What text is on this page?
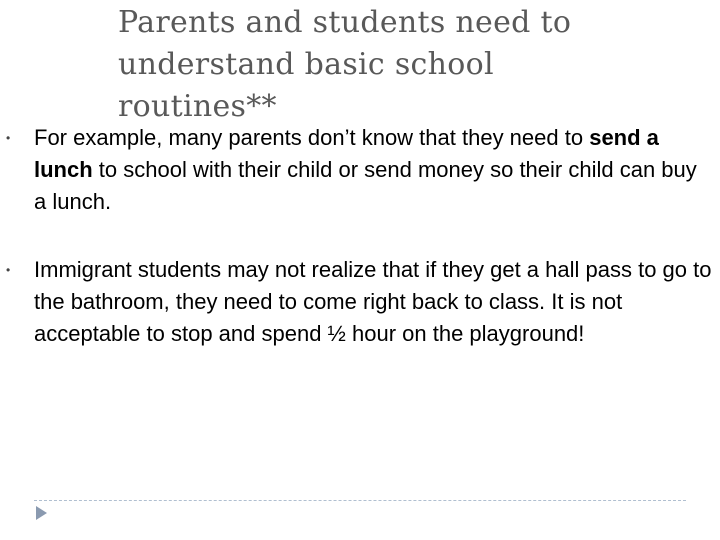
Parents and students need to
understand basic school
routines**
• For example, many parents don’t know that they need to send a lunch to school with their child or send money so their child can buy a lunch.
• Immigrant students may not realize that if they get a hall pass to go to the bathroom, they need to come right back to class. It is not acceptable to stop and spend ½ hour on the playground!
